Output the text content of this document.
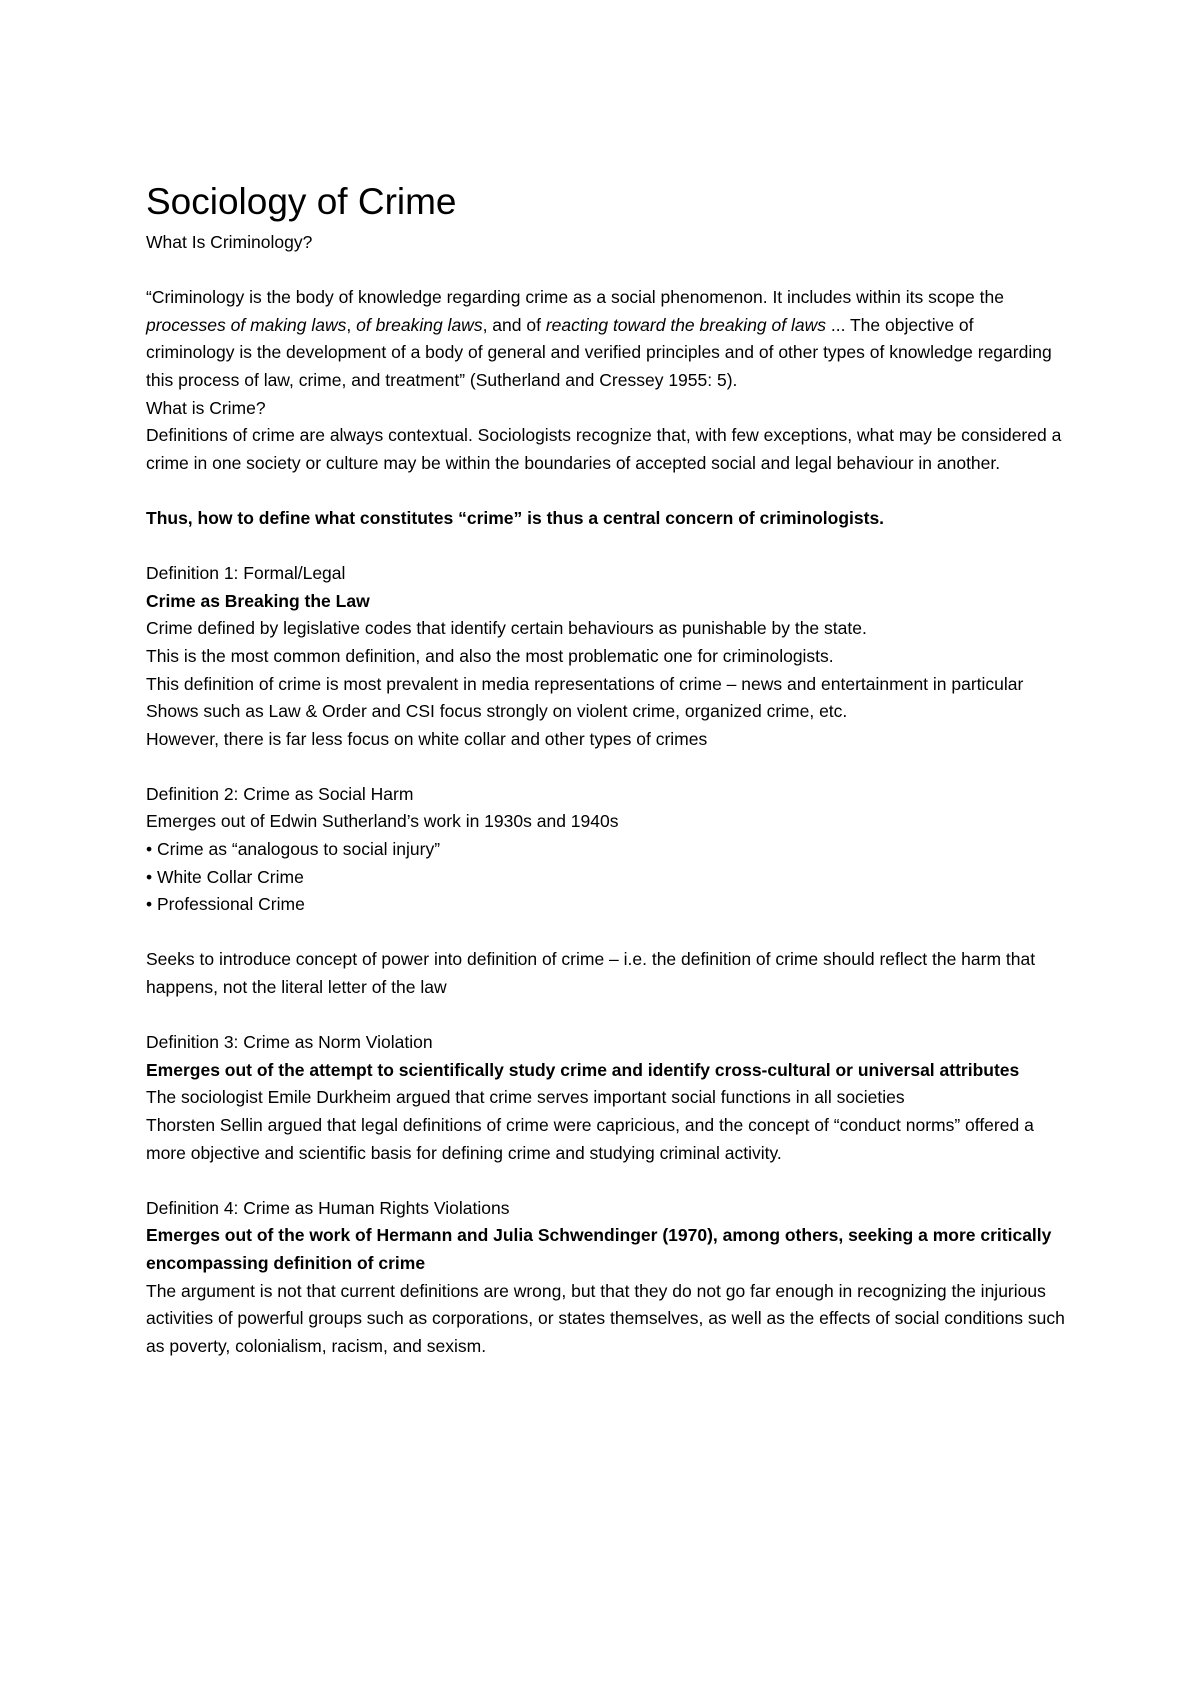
Sociology of Crime

What Is Criminology?

“Criminology is the body of knowledge regarding crime as a social phenomenon. It includes within its scope the processes of making laws, of breaking laws, and of reacting toward the breaking of laws ... The objective of criminology is the development of a body of general and verified principles and of other types of knowledge regarding this process of law, crime, and treatment” (Sutherland and Cressey 1955: 5).

What is Crime?

Definitions of crime are always contextual. Sociologists recognize that, with few exceptions, what may be considered a crime in one society or culture may be within the boundaries of accepted social and legal behaviour in another.

Thus, how to define what constitutes “crime” is thus a central concern of criminologists.

Definition 1: Formal/Legal

Crime as Breaking the Law

Crime defined by legislative codes that identify certain behaviours as punishable by the state.

This is the most common definition, and also the most problematic one for criminologists.

This definition of crime is most prevalent in media representations of crime – news and entertainment in particular

Shows such as Law & Order and CSI focus strongly on violent crime, organized crime, etc.

However, there is far less focus on white collar and other types of crimes

Definition 2: Crime as Social Harm

Emerges out of Edwin Sutherland’s work in 1930s and 1940s

• Crime as “analogous to social injury”

• White Collar Crime

• Professional Crime

Seeks to introduce concept of power into definition of crime – i.e. the definition of crime should reflect the harm that happens, not the literal letter of the law

Definition 3: Crime as Norm Violation

Emerges out of the attempt to scientifically study crime and identify cross-cultural or universal attributes

The sociologist Emile Durkheim argued that crime serves important social functions in all societies

Thorsten Sellin argued that legal definitions of crime were capricious, and the concept of “conduct norms” offered a more objective and scientific basis for defining crime and studying criminal activity.

Definition 4: Crime as Human Rights Violations

Emerges out of the work of Hermann and Julia Schwendinger (1970), among others, seeking a more critically encompassing definition of crime

The argument is not that current definitions are wrong, but that they do not go far enough in recognizing the injurious activities of powerful groups such as corporations, or states themselves, as well as the effects of social conditions such as poverty, colonialism, racism, and sexism.
